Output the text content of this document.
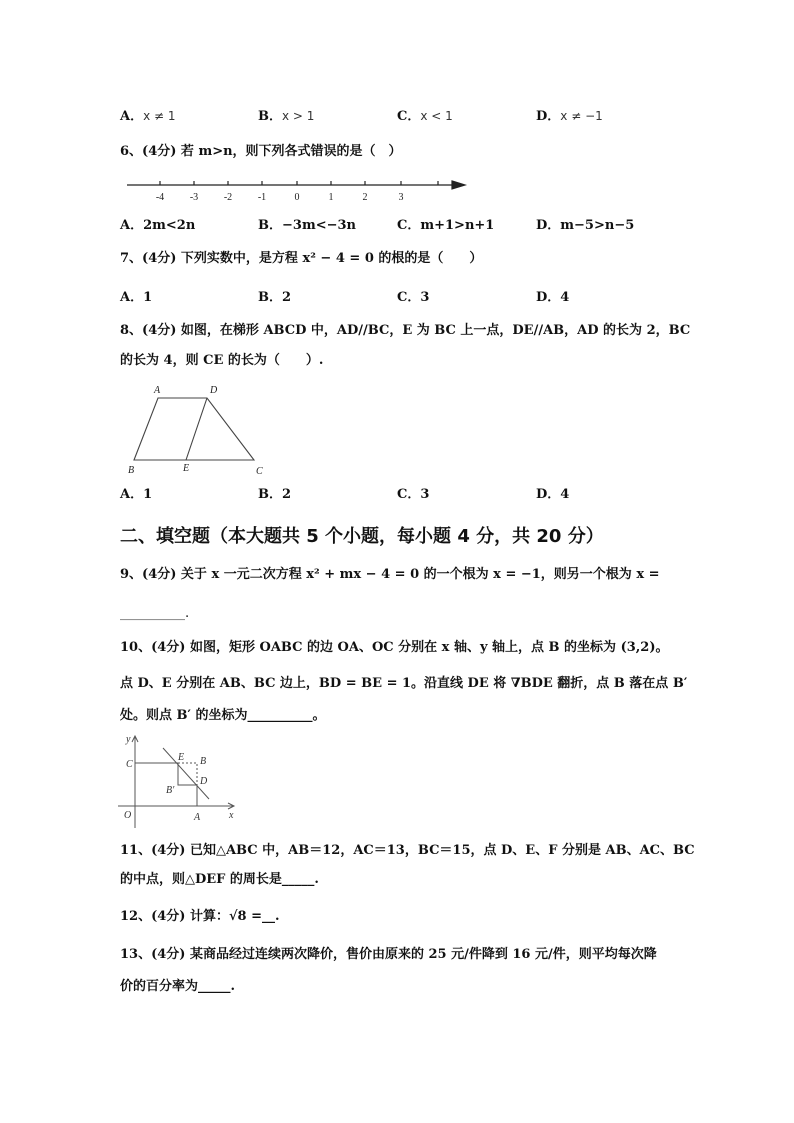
A．x ≠ 1	B．x > 1	C．x < 1	D．x ≠ −1
6、(4分) 若 m>n，则下列各式错误的是（　）
A．2m<2n	B．−3m<−3n	C．m+1>n+1	D．m−5>n−5
7、(4分) 下列实数中，是方程 x² − 4 = 0 的根的是（　　）
A．1	B．2	C．3	D．4
8、(4分) 如图，在梯形 ABCD 中，AD//BC，E 为 BC 上一点，DE//AB，AD 的长为 2，BC
的长为 4，则 CE 的长为（　　）.
A．1	B．2	C．3	D．4
二、填空题（本大题共 5 个小题，每小题 4 分，共 20 分）
9、(4分) 关于 x 一元二次方程 x² + mx − 4 = 0 的一个根为 x = −1，则另一个根为 x =
__________.
10、(4分) 如图，矩形 OABC 的边 OA、OC 分别在 x 轴、y 轴上，点 B 的坐标为 (3,2)。
点 D、E 分别在 AB、BC 边上，BD = BE = 1。沿直线 DE 将 ∇BDE 翻折，点 B 落在点 B′
处。则点 B′ 的坐标为__________。
11、(4分) 已知△ABC 中，AB＝12，AC＝13，BC＝15，点 D、E、F 分别是 AB、AC、BC
的中点，则△DEF 的周长是_____.
12、(4分) 计算：√8 =__.
13、(4分) 某商品经过连续两次降价，售价由原来的 25 元/件降到 16 元/件，则平均每次降
价的百分率为_____.
-4	-3	-2	-1	0	1	2	3
A	D
B	E	C
y
x
C
E B
D
B′
O	A
